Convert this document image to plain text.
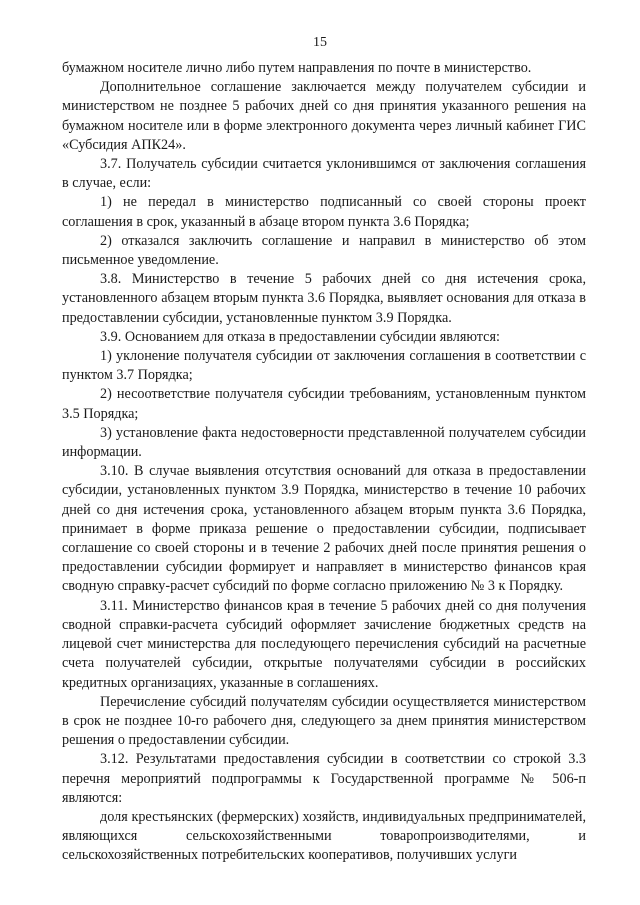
15

бумажном носителе лично либо путем направления по почте в министерство.

Дополнительное соглашение заключается между получателем субсидии и министерством не позднее 5 рабочих дней со дня принятия указанного решения на бумажном носителе или в форме электронного документа через личный кабинет ГИС «Субсидия АПК24».

3.7. Получатель субсидии считается уклонившимся от заключения соглашения в случае, если:

1) не передал в министерство подписанный со своей стороны проект соглашения в срок, указанный в абзаце втором пункта 3.6 Порядка;

2) отказался заключить соглашение и направил в министерство об этом письменное уведомление.

3.8. Министерство в течение 5 рабочих дней со дня истечения срока, установленного абзацем вторым пункта 3.6 Порядка, выявляет основания для отказа в предоставлении субсидии, установленные пунктом 3.9 Порядка.

3.9. Основанием для отказа в предоставлении субсидии являются:

1) уклонение получателя субсидии от заключения соглашения в соответствии с пунктом 3.7 Порядка;

2) несоответствие получателя субсидии требованиям, установленным пунктом 3.5 Порядка;

3) установление факта недостоверности представленной получателем субсидии информации.

3.10. В случае выявления отсутствия оснований для отказа в предоставлении субсидии, установленных пунктом 3.9 Порядка, министерство в течение 10 рабочих дней со дня истечения срока, установленного абзацем вторым пункта 3.6 Порядка, принимает в форме приказа решение о предоставлении субсидии, подписывает соглашение со своей стороны и в течение 2 рабочих дней после принятия решения о предоставлении субсидии формирует и направляет в министерство финансов края сводную справку-расчет субсидий по форме согласно приложению № 3 к Порядку.

3.11. Министерство финансов края в течение 5 рабочих дней со дня получения сводной справки-расчета субсидий оформляет зачисление бюджетных средств на лицевой счет министерства для последующего перечисления субсидий на расчетные счета получателей субсидии, открытые получателями субсидии в российских кредитных организациях, указанные в соглашениях.

Перечисление субсидий получателям субсидии осуществляется министерством в срок не позднее 10-го рабочего дня, следующего за днем принятия министерством решения о предоставлении субсидии.

3.12. Результатами предоставления субсидии в соответствии со строкой 3.3 перечня мероприятий подпрограммы к Государственной программе № 506-п являются:

доля крестьянских (фермерских) хозяйств, индивидуальных предпринимателей, являющихся сельскохозяйственными товаропроизводителями, и сельскохозяйственных потребительских кооперативов, получивших услуги
